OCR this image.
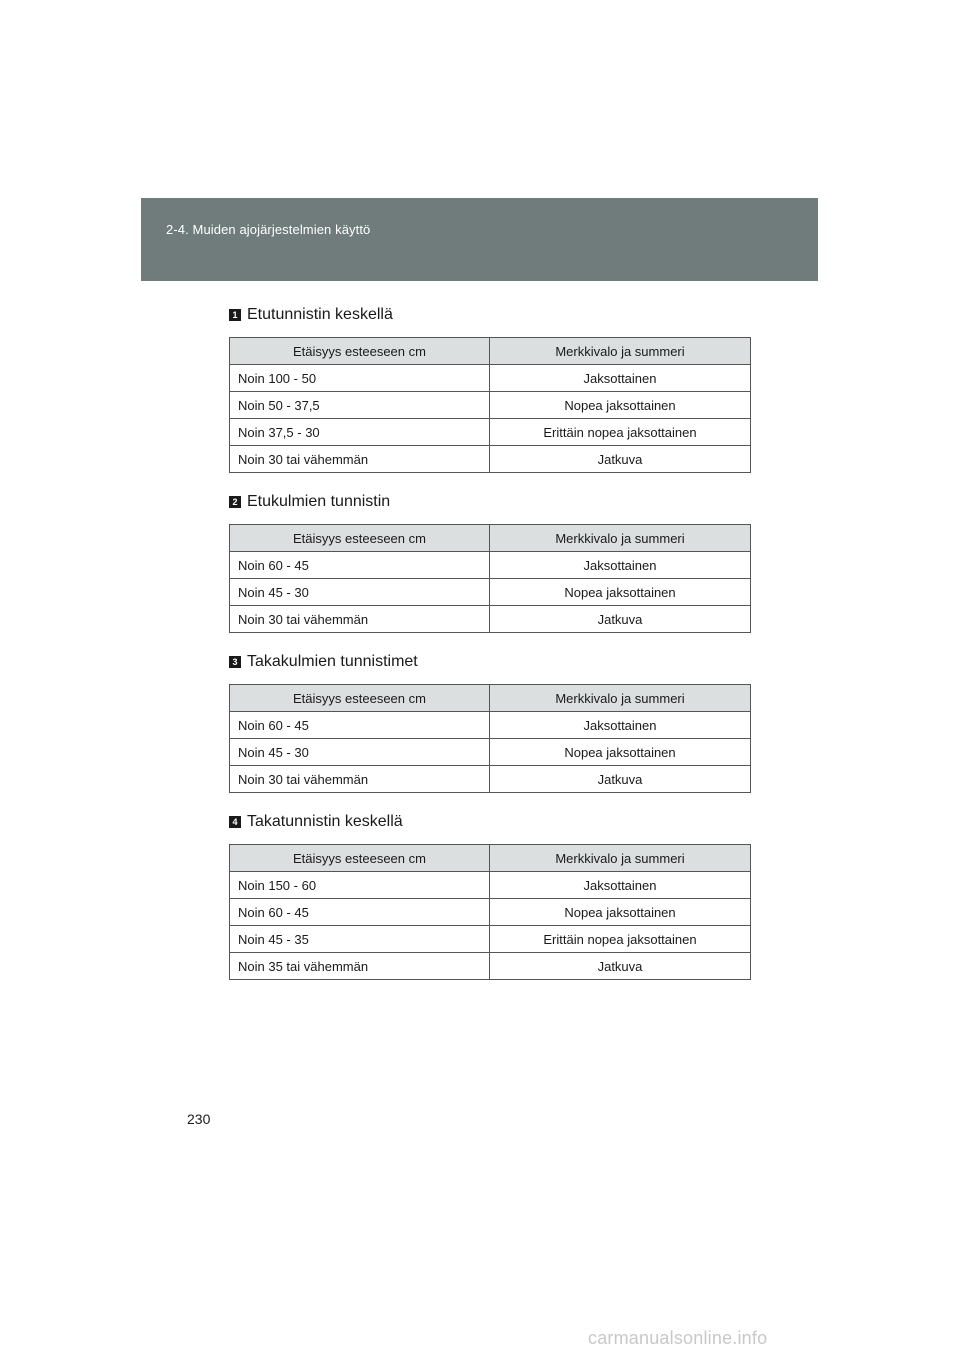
2-4. Muiden ajojärjestelmien käyttö
1 Etutunnistin keskellä
Etäisyys esteeseen cm	Merkkivalo ja summeri
Noin 100 - 50	Jaksottainen
Noin 50 - 37,5	Nopea jaksottainen
Noin 37,5 - 30	Erittäin nopea jaksottainen
Noin 30 tai vähemmän	Jatkuva
2 Etukulmien tunnistin
Etäisyys esteeseen cm	Merkkivalo ja summeri
Noin 60 - 45	Jaksottainen
Noin 45 - 30	Nopea jaksottainen
Noin 30 tai vähemmän	Jatkuva
3 Takakulmien tunnistimet
Etäisyys esteeseen cm	Merkkivalo ja summeri
Noin 60 - 45	Jaksottainen
Noin 45 - 30	Nopea jaksottainen
Noin 30 tai vähemmän	Jatkuva
4 Takatunnistin keskellä
Etäisyys esteeseen cm	Merkkivalo ja summeri
Noin 150 - 60	Jaksottainen
Noin 60 - 45	Nopea jaksottainen
Noin 45 - 35	Erittäin nopea jaksottainen
Noin 35 tai vähemmän	Jatkuva
230
carmanualsonline.info
